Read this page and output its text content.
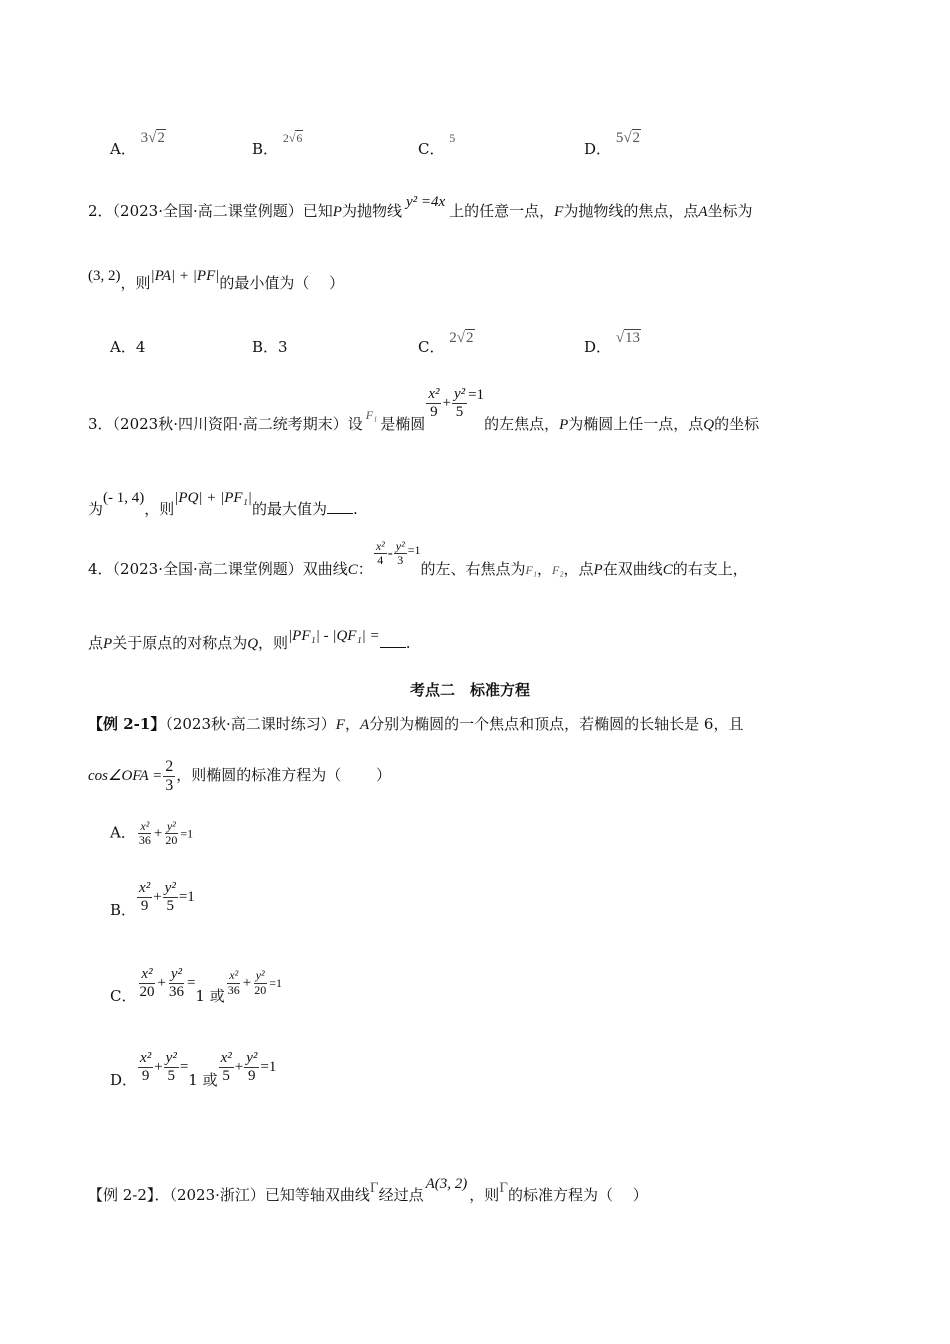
A． 3√2
B． $^{2√6}$
C． $^5$
D． 5√2
2．（2023·全国·高二课堂例题）已知P为抛物线 y² =4x 上的任意一点，F为抛物线的焦点，点A坐标为
(3, 2)，则|PA| + |PF|的最小值为（　 ）
A．4	B．3	C． 2√2	D． √13
3．（2023秋·四川资阳·高二统考期末）设 $_{F_1}$ 是椭圆
$\frac{\text{x²}}{9} + \frac{\text{y²}}{5} =1$的左焦点，P为椭圆上任一点，点Q的坐标
为(- 1, 4)，则|PQ| + |PF₁|的最大值为 .
4．（2023·全国·高二课堂例题）双曲线C：
$\frac{\text{x²}}{4} - \frac{\text{y²}}{3} ^{=1}$的左、右焦点为$_{F_1}$，$_{F_2}$，点P在双曲线C的右支上，
点P关于原点的对称点为Q，则|PF₁| - |QF₁| = .
考点二　标准方程
【例 2-1】（2023秋·高二课时练习）F，A分别为椭圆的一个焦点和顶点，若椭圆的长轴长是 6，且
cos∠OFA = $\frac{2}{3}$ ，则椭圆的标准方程为（　　 ）
A． $\frac{\text{x²}}{36} + \frac{\text{y²}}{20} =1$
B． $\frac{\text{x²}}{9} + \frac{\text{y²}}{5} =1$
C． $\frac{\text{x²}}{20} + \frac{\text{y²}}{36} =1$ 或 $\frac{\text{x²}}{36} + \frac{\text{y²}}{20} =1$
D． $\frac{\text{x²}}{9} + \frac{\text{y²}}{5} =1$ 或 $\frac{\text{x²}}{5} + \frac{\text{y²}}{9} =1$
【例 2-2】．（2023·浙江）已知等轴双曲线Γ经过点A(3, 2)，则Γ的标准方程为（　 ）
